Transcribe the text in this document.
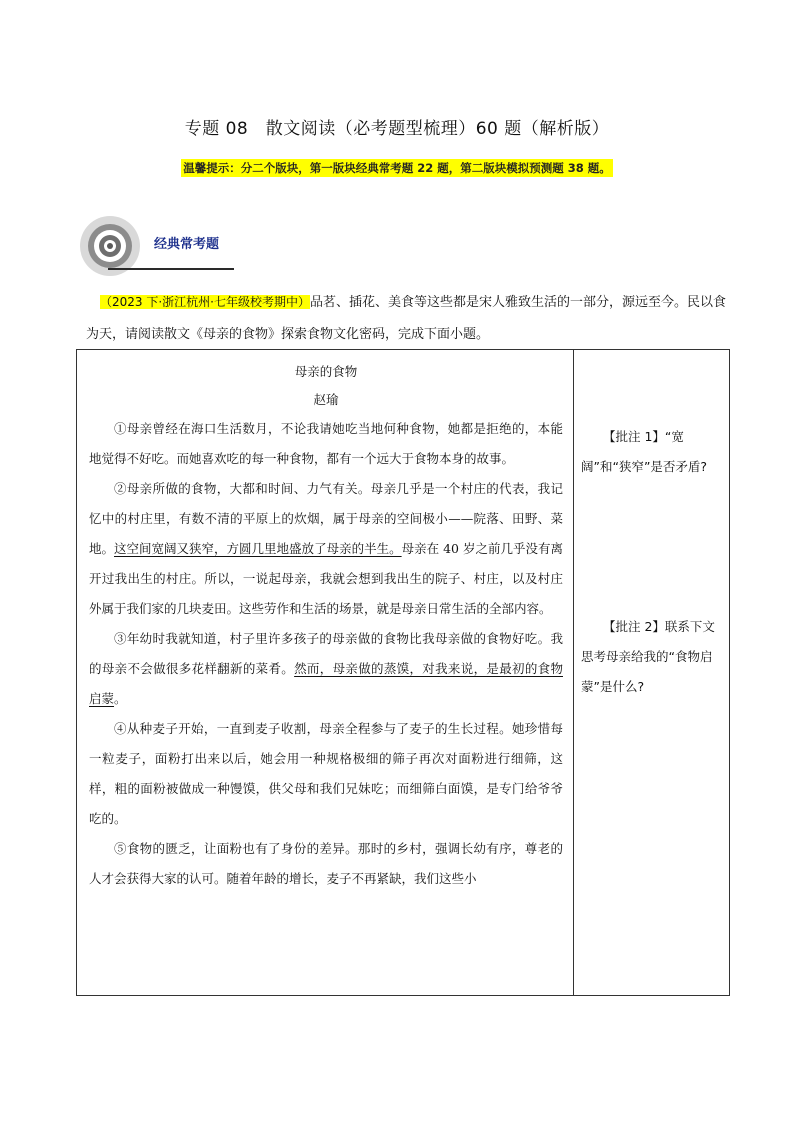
专题 08　散文阅读（必考题型梳理）60 题（解析版）
温馨提示：分二个版块，第一版块经典常考题 22 题，第二版块模拟预测题 38 题。
经典常考题
（2023 下·浙江杭州·七年级校考期中）品茗、插花、美食等这些都是宋人雅致生活的一部分，源远至今。民以食为天，请阅读散文《母亲的食物》探索食物文化密码，完成下面小题。
母亲的食物
赵瑜

①母亲曾经在海口生活数月，不论我请她吃当地何种食物，她都是拒绝的，本能地觉得不好吃。而她喜欢吃的每一种食物，都有一个远大于食物本身的故事。

②母亲所做的食物，大都和时间、力气有关。母亲几乎是一个村庄的代表，我记忆中的村庄里，有数不清的平原上的炊烟，属于母亲的空间极小——院落、田野、菜地。这空间宽阔又狭窄，方圆几里地盛放了母亲的半生。母亲在 40 岁之前几乎没有离开过我出生的村庄。所以，一说起母亲，我就会想到我出生的院子、村庄，以及村庄外属于我们家的几块麦田。这些劳作和生活的场景，就是母亲日常生活的全部内容。

③年幼时我就知道，村子里许多孩子的母亲做的食物比我母亲做的食物好吃。我的母亲不会做很多花样翻新的菜肴。然而，母亲做的蒸馍，对我来说，是最初的食物启蒙。

④从种麦子开始，一直到麦子收割，母亲全程参与了麦子的生长过程。她珍惜每一粒麦子，面粉打出来以后，她会用一种规格极细的筛子再次对面粉进行细筛，这样，粗的面粉被做成一种馒馍，供父母和我们兄妹吃；而细筛白面馍，是专门给爷爷吃的。

⑤食物的匮乏，让面粉也有了身份的差异。那时的乡村，强调长幼有序，尊老的人才会获得大家的认可。随着年龄的增长，麦子不再紧缺，我们这些小

【批注 1】“宽阔”和“狭窄”是否矛盾?
【批注 2】联系下文思考母亲给我的“食物启蒙”是什么?
